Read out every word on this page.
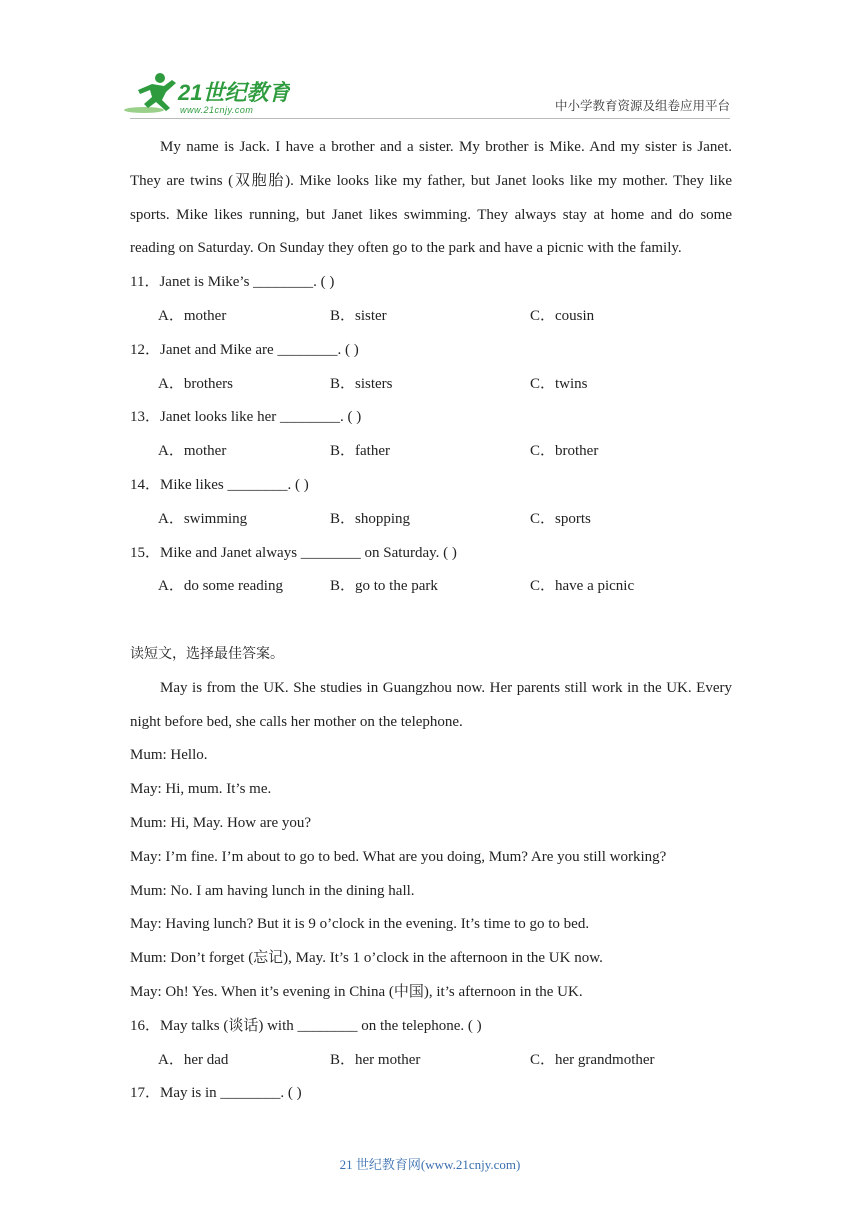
21世纪教育
www.21cnjy.com	中小学教育资源及组卷应用平台
My name is Jack. I have a brother and a sister. My brother is Mike. And my sister is Janet. They are twins (双胞胎). Mike looks like my father, but Janet looks like my mother. They like sports. Mike likes running, but Janet likes swimming. They always stay at home and do some reading on Saturday. On Sunday they often go to the park and have a picnic with the family.
11．Janet is Mike’s ________. ( )
A．mother	B．sister	C．cousin
12．Janet and Mike are ________. ( )
A．brothers	B．sisters	C．twins
13．Janet looks like her ________. ( )
A．mother	B．father	C．brother
14．Mike likes ________. ( )
A．swimming	B．shopping	C．sports
15．Mike and Janet always ________ on Saturday. ( )
A．do some reading	B．go to the park	C．have a picnic
读短文，选择最佳答案。
May is from the UK. She studies in Guangzhou now. Her parents still work in the UK. Every night before bed, she calls her mother on the telephone.
Mum: Hello.
May: Hi, mum. It’s me.
Mum: Hi, May. How are you?
May: I’m fine. I’m about to go to bed. What are you doing, Mum? Are you still working?
Mum: No. I am having lunch in the dining hall.
May: Having lunch? But it is 9 o’clock in the evening. It’s time to go to bed.
Mum: Don’t forget (忘记), May. It’s 1 o’clock in the afternoon in the UK now.
May: Oh! Yes. When it’s evening in China (中国), it’s afternoon in the UK.
16．May talks (谈话) with ________ on the telephone. ( )
A．her dad	B．her mother	C．her grandmother
17．May is in ________. ( )
21 世纪教育网(www.21cnjy.com)
